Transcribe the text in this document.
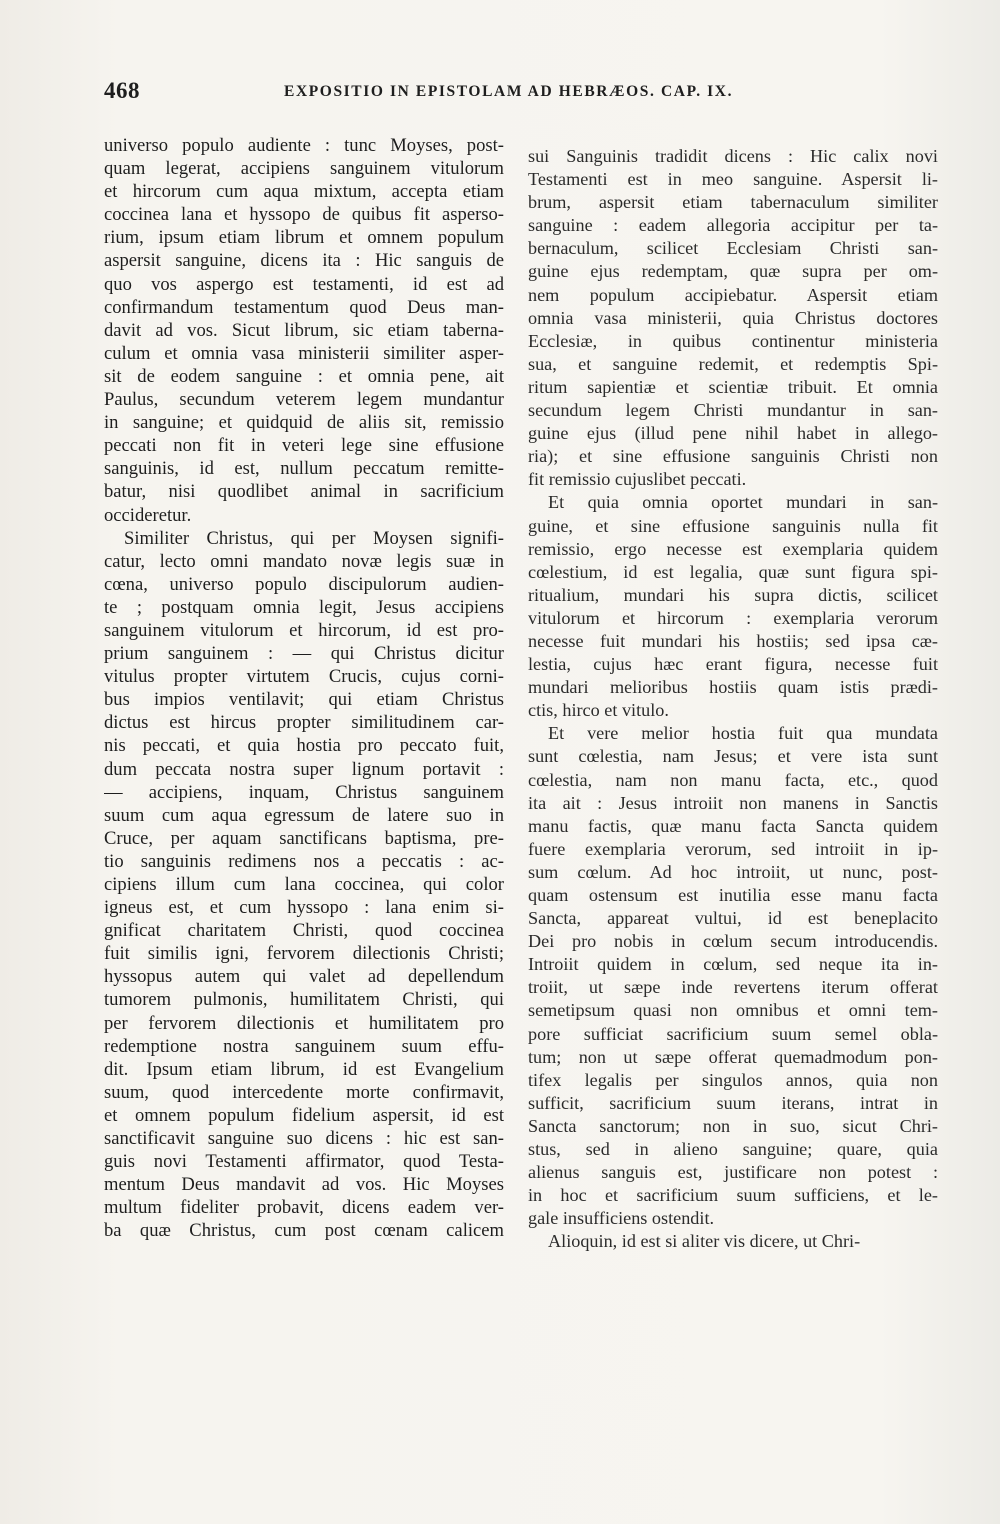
468	EXPOSITIO IN EPISTOLAM AD HEBRÆOS. CAP. IX.
universo populo audiente : tunc Moyses, post-
quam legerat, accipiens sanguinem vitulorum
et hircorum cum aqua mixtum, accepta etiam
coccinea lana et hyssopo de quibus fit asperso-
rium, ipsum etiam librum et omnem populum
aspersit sanguine, dicens ita : Hic sanguis de
quo vos aspergo est testamenti, id est ad
confirmandum testamentum quod Deus man-
davit ad vos. Sicut librum, sic etiam taberna-
culum et omnia vasa ministerii similiter asper-
sit de eodem sanguine : et omnia pene, ait
Paulus, secundum veterem legem mundantur
in sanguine; et quidquid de aliis sit, remissio
peccati non fit in veteri lege sine effusione
sanguinis, id est, nullum peccatum remitte-
batur, nisi quodlibet animal in sacrificium
occideretur.
Similiter Christus, qui per Moysen signifi-
catur, lecto omni mandato novæ legis suæ in
cœna, universo populo discipulorum audien-
te ; postquam omnia legit, Jesus accipiens
sanguinem vitulorum et hircorum, id est pro-
prium sanguinem : — qui Christus dicitur
vitulus propter virtutem Crucis, cujus corni-
bus impios ventilavit; qui etiam Christus
dictus est hircus propter similitudinem car-
nis peccati, et quia hostia pro peccato fuit,
dum peccata nostra super lignum portavit :
— accipiens, inquam, Christus sanguinem
suum cum aqua egressum de latere suo in
Cruce, per aquam sanctificans baptisma, pre-
tio sanguinis redimens nos a peccatis : ac-
cipiens illum cum lana coccinea, qui color
igneus est, et cum hyssopo : lana enim si-
gnificat charitatem Christi, quod coccinea
fuit similis igni, fervorem dilectionis Christi;
hyssopus autem qui valet ad depellendum
tumorem pulmonis, humilitatem Christi, qui
per fervorem dilectionis et humilitatem pro
redemptione nostra sanguinem suum effu-
dit. Ipsum etiam librum, id est Evangelium
suum, quod intercedente morte confirmavit,
et omnem populum fidelium aspersit, id est
sanctificavit sanguine suo dicens : hic est san-
guis novi Testamenti affirmator, quod Testa-
mentum Deus mandavit ad vos. Hic Moyses
multum fideliter probavit, dicens eadem ver-
ba quæ Christus, cum post cœnam calicem
sui Sanguinis tradidit dicens : Hic calix novi
Testamenti est in meo sanguine. Aspersit li-
brum, aspersit etiam tabernaculum similiter
sanguine : eadem allegoria accipitur per ta-
bernaculum, scilicet Ecclesiam Christi san-
guine ejus redemptam, quæ supra per om-
nem populum accipiebatur. Aspersit etiam
omnia vasa ministerii, quia Christus doctores
Ecclesiæ, in quibus continentur ministeria
sua, et sanguine redemit, et redemptis Spi-
ritum sapientiæ et scientiæ tribuit. Et omnia
secundum legem Christi mundantur in san-
guine ejus (illud pene nihil habet in allego-
ria); et sine effusione sanguinis Christi non
fit remissio cujuslibet peccati.
Et quia omnia oportet mundari in san-
guine, et sine effusione sanguinis nulla fit
remissio, ergo necesse est exemplaria quidem
cœlestium, id est legalia, quæ sunt figura spi-
ritualium, mundari his supra dictis, scilicet
vitulorum et hircorum : exemplaria verorum
necesse fuit mundari his hostiis; sed ipsa cæ-
lestia, cujus hæc erant figura, necesse fuit
mundari melioribus hostiis quam istis prædi-
ctis, hirco et vitulo.
Et vere melior hostia fuit qua mundata
sunt cœlestia, nam Jesus; et vere ista sunt
cœlestia, nam non manu facta, etc., quod
ita ait : Jesus introiit non manens in Sanctis
manu factis, quæ manu facta Sancta quidem
fuere exemplaria verorum, sed introiit in ip-
sum cœlum. Ad hoc introiit, ut nunc, post-
quam ostensum est inutilia esse manu facta
Sancta, appareat vultui, id est beneplacito
Dei pro nobis in cœlum secum introducendis.
Introiit quidem in cœlum, sed neque ita in-
troiit, ut sæpe inde revertens iterum offerat
semetipsum quasi non omnibus et omni tem-
pore sufficiat sacrificium suum semel obla-
tum; non ut sæpe offerat quemadmodum pon-
tifex legalis per singulos annos, quia non
sufficit, sacrificium suum iterans, intrat in
Sancta sanctorum; non in suo, sicut Chri-
stus, sed in alieno sanguine; quare, quia
alienus sanguis est, justificare non potest :
in hoc et sacrificium suum sufficiens, et le-
gale insufficiens ostendit.
Alioquin, id est si aliter vis dicere, ut Chri-
